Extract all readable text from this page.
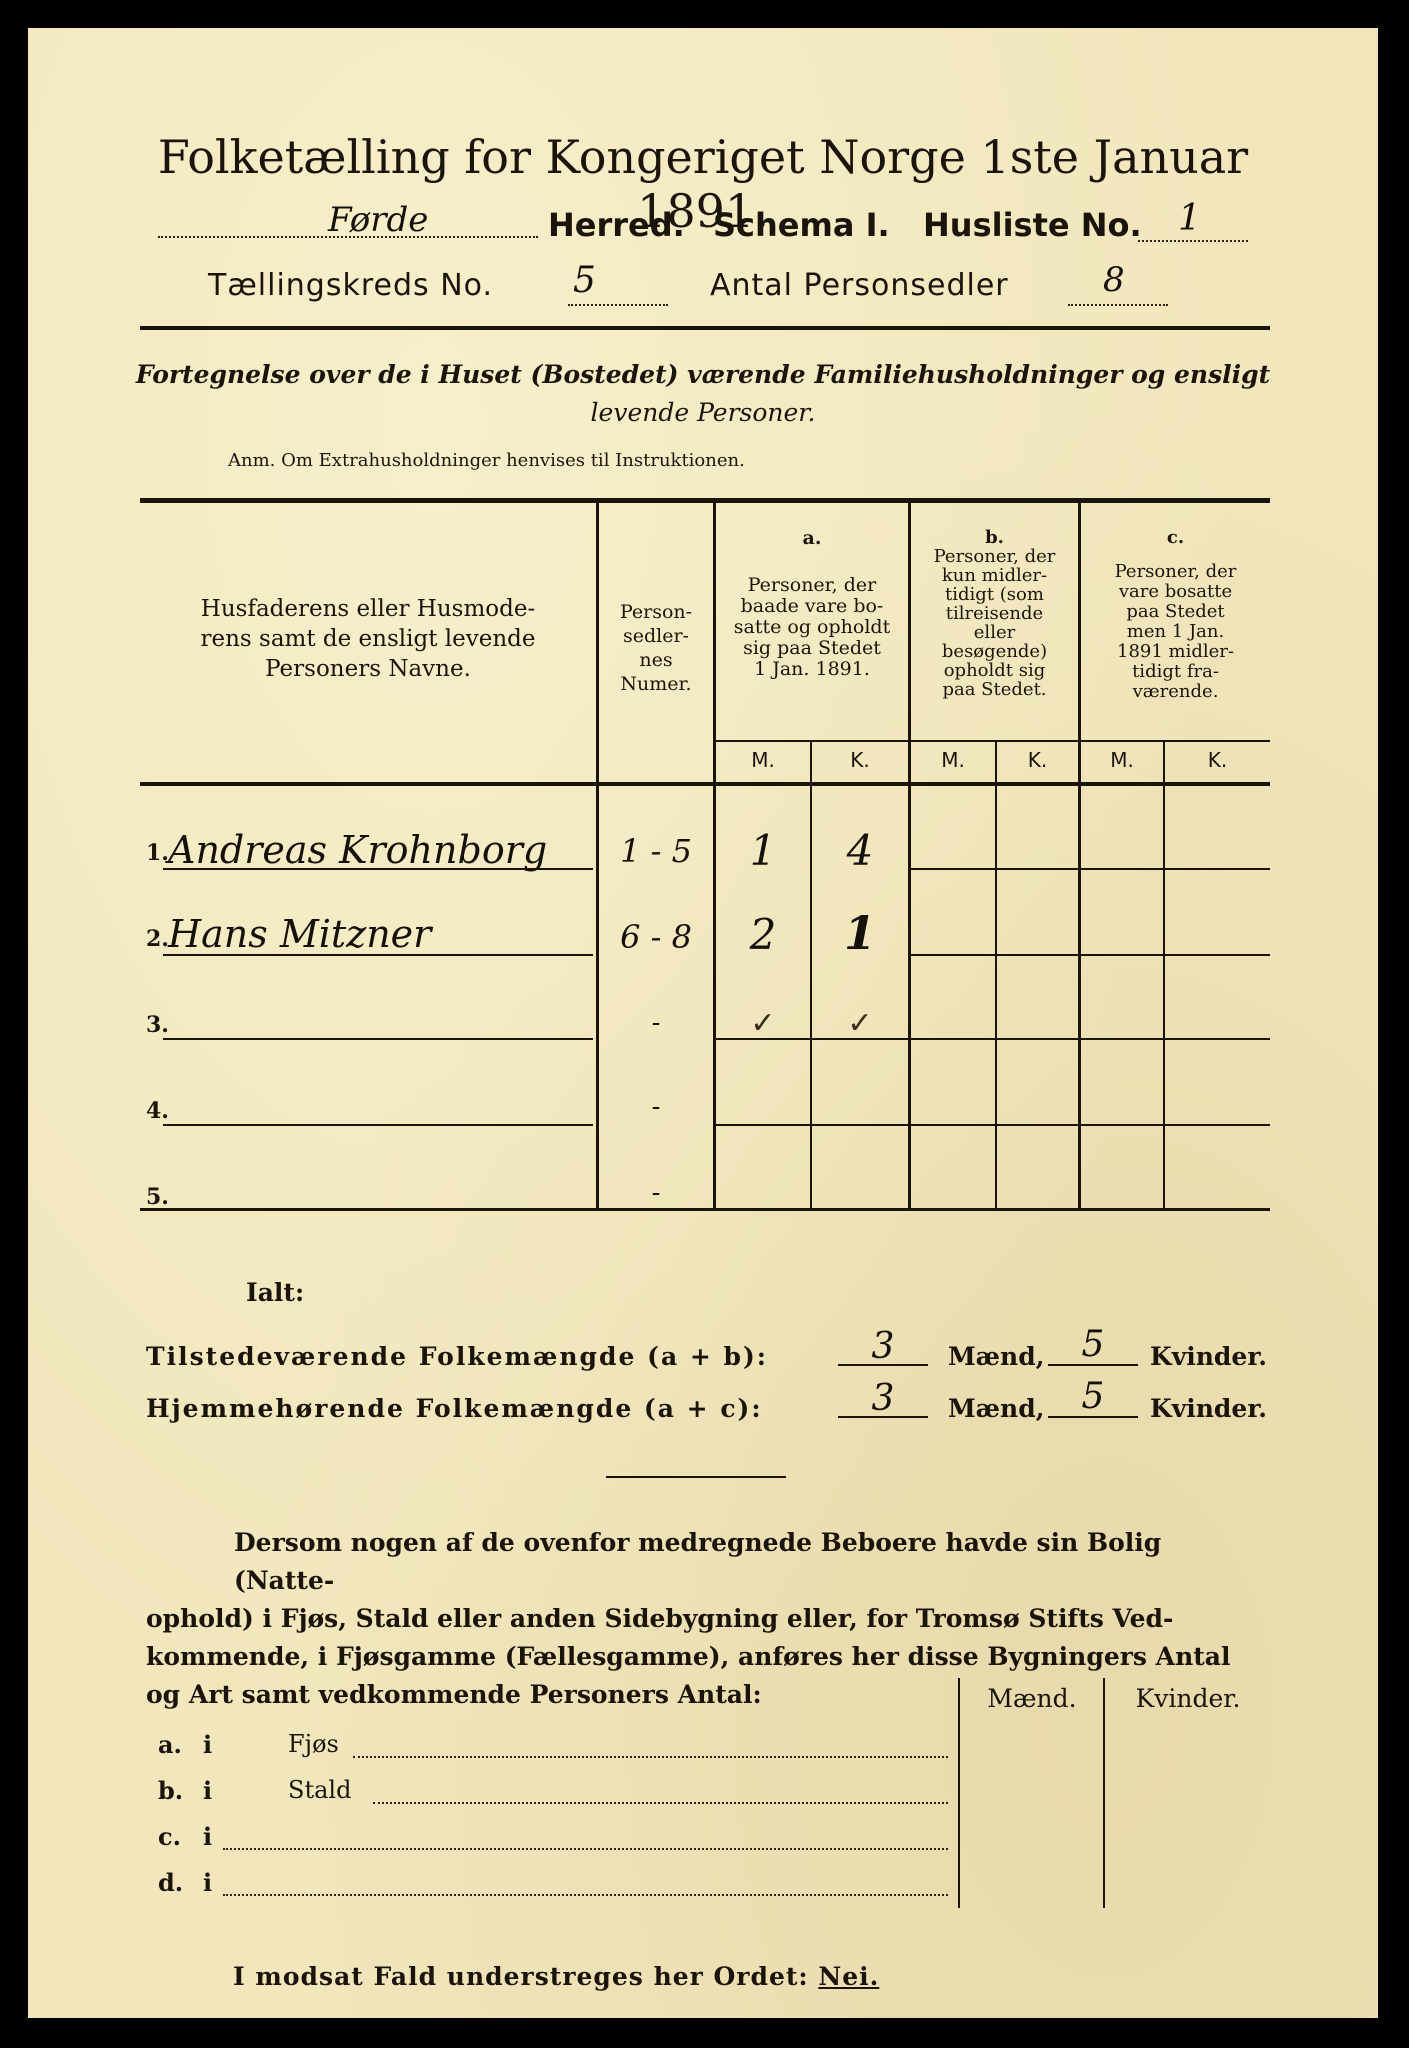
Folketælling for Kongeriget Norge 1ste Januar 1891.
Førde	Herred. Schema I. Husliste No. 1
Tællingskreds No. 5	Antal Personsedler	8
Fortegnelse over de i Huset (Bostedet) værende Familiehusholdninger og ensligt
levende Personer.
Anm. Om Extrahusholdninger henvises til Instruktionen.
Husfaderens eller Husmode-
rens samt de ensligt levende
Personers Navne.
Person-
sedler-
nes
Numer.
a.
Personer, der
baade vare bo-
satte og opholdt
sig paa Stedet
1 Jan. 1891.
b.
Personer, der
kun midler-
tidigt (som
tilreisende
eller
besøgende)
opholdt sig
paa Stedet.
c.
Personer, der
vare bosatte
paa Stedet
men 1 Jan.
1891 midler-
tidigt fra-
værende.
M.	K.	M.	K.	M.	K.
1. Andreas Krohnborg	1 - 5	1	4
2. Hans Mitzner	6 - 8	2	1
3.	-	✓	✓
4.	-
5.	-
Ialt:
Tilstedeværende Folkemængde (a + b):	3	Mænd,	5	Kvinder.
Hjemmehørende Folkemængde (a + c):	3	Mænd,	5	Kvinder.
Dersom nogen af de ovenfor medregnede Beboere havde sin Bolig (Natte-
ophold) i Fjøs, Stald eller anden Sidebygning eller, for Tromsø Stifts Ved-
kommende, i Fjøsgamme (Fællesgamme), anføres her disse Bygningers Antal
og Art samt vedkommende Personers Antal:	Mænd.	Kvinder.
a. i	Fjøs
b. i	Stald
c. i
d. i
I modsat Fald understreges her Ordet: Nei.
